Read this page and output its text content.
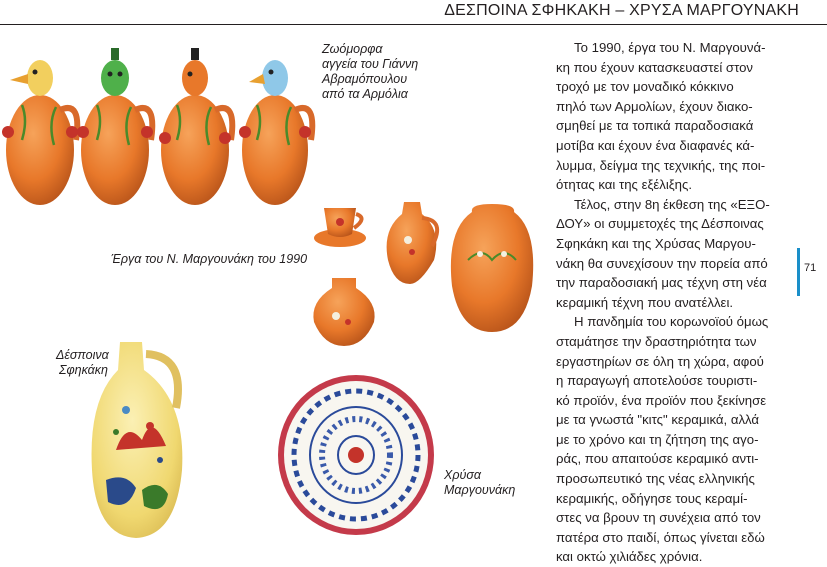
ΔΕΣΠΟΙΝΑ ΣΦΗΚΑΚΗ – ΧΡΥΣΑ ΜΑΡΓΟΥΝΑΚΗ
Ζωόμορφα
αγγεία του Γιάννη
Αβραμόπουλου
από τα Αρμόλια
Έργα του Ν. Μαργουνάκη του 1990
Δέσποινα
Σφηκάκη
Χρύσα
Μαργουνάκη

Το 1990, έργα του Ν. Μαργουνά-
κη που έχουν κατασκευαστεί στον
τροχό με τον μοναδικό κόκκινο
πηλό των Αρμολίων, έχουν διακο-
σμηθεί με τα τοπικά παραδοσιακά
μοτίβα και έχουν ένα διαφανές κά-
λυμμα, δείγμα της τεχνικής, της ποι-
ότητας και της εξέλιξης.

Τέλος, στην 8η έκθεση της «ΕΞΟ-
ΔΟΥ» οι συμμετοχές της Δέσποινας
Σφηκάκη και της Χρύσας Μαργου-
νάκη θα συνεχίσουν την πορεία από
την παραδοσιακή μας τέχνη στη νέα
κεραμική τέχνη που ανατέλλει.

Η πανδημία του κορωνοϊού όμως
σταμάτησε την δραστηριότητα των
εργαστηρίων σε όλη τη χώρα, αφού
η παραγωγή αποτελούσε τουριστι-
κό προϊόν, ένα προϊόν που ξεκίνησε
με τα γνωστά "κιτς" κεραμικά, αλλά
με το χρόνο και τη ζήτηση της αγο-
ράς, που απαιτούσε κεραμικό αντι-
προσωπευτικό της νέας ελληνικής
κεραμικής, οδήγησε τους κεραμί-
στες να βρουν τη συνέχεια από τον
πατέρα στο παιδί, όπως γίνεται εδώ
και οκτώ χιλιάδες χρόνια.

71
